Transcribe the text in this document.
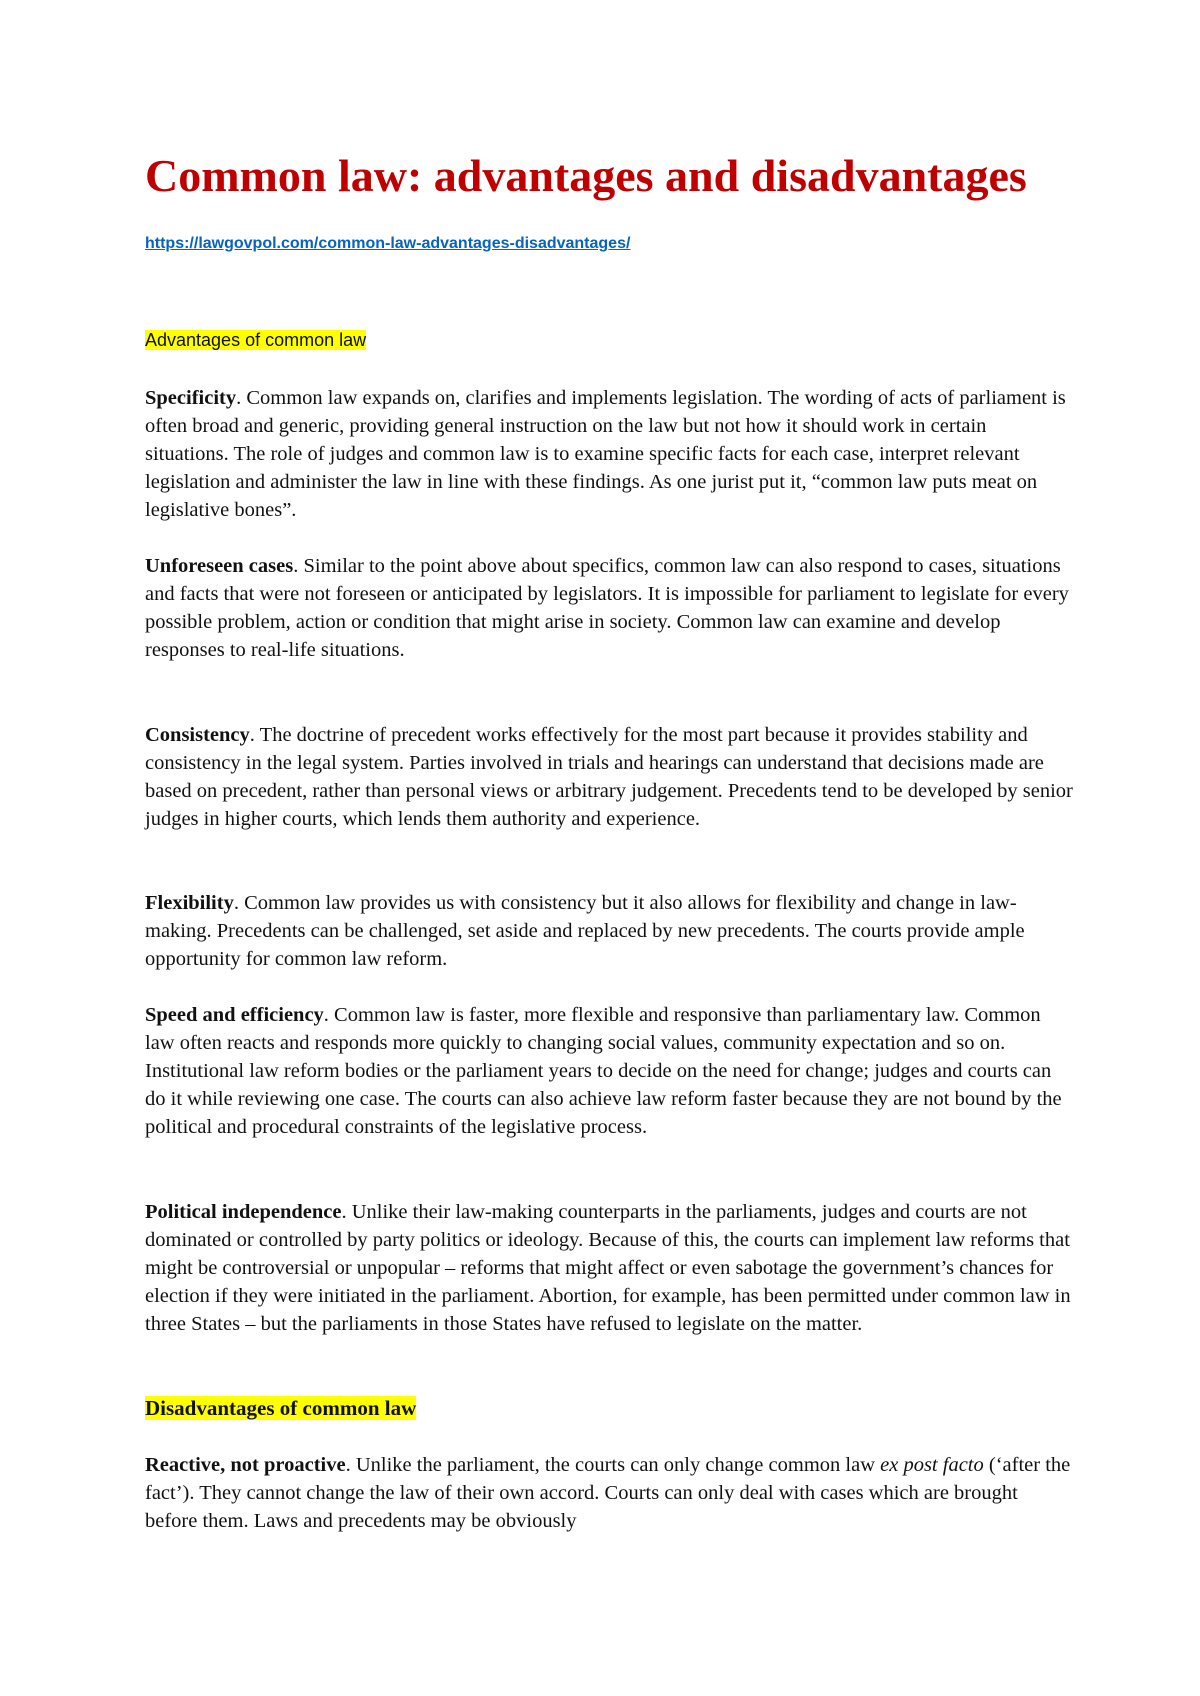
Common law: advantages and disadvantages
https://lawgovpol.com/common-law-advantages-disadvantages/
Advantages of common law

Specificity. Common law expands on, clarifies and implements legislation. The wording of acts of parliament is often broad and generic, providing general instruction on the law but not how it should work in certain situations. The role of judges and common law is to examine specific facts for each case, interpret relevant legislation and administer the law in line with these findings. As one jurist put it, “common law puts meat on legislative bones”.

Unforeseen cases. Similar to the point above about specifics, common law can also respond to cases, situations and facts that were not foreseen or anticipated by legislators. It is impossible for parliament to legislate for every possible problem, action or condition that might arise in society. Common law can examine and develop responses to real-life situations.

Consistency. The doctrine of precedent works effectively for the most part because it provides stability and consistency in the legal system. Parties involved in trials and hearings can understand that decisions made are based on precedent, rather than personal views or arbitrary judgement. Precedents tend to be developed by senior judges in higher courts, which lends them authority and experience.

Flexibility. Common law provides us with consistency but it also allows for flexibility and change in law-making. Precedents can be challenged, set aside and replaced by new precedents. The courts provide ample opportunity for common law reform.

Speed and efficiency. Common law is faster, more flexible and responsive than parliamentary law. Common law often reacts and responds more quickly to changing social values, community expectation and so on. Institutional law reform bodies or the parliament years to decide on the need for change; judges and courts can do it while reviewing one case. The courts can also achieve law reform faster because they are not bound by the political and procedural constraints of the legislative process.

Political independence. Unlike their law-making counterparts in the parliaments, judges and courts are not dominated or controlled by party politics or ideology. Because of this, the courts can implement law reforms that might be controversial or unpopular – reforms that might affect or even sabotage the government’s chances for election if they were initiated in the parliament. Abortion, for example, has been permitted under common law in three States – but the parliaments in those States have refused to legislate on the matter.

Disadvantages of common law

Reactive, not proactive. Unlike the parliament, the courts can only change common law ex post facto (‘after the fact’). They cannot change the law of their own accord. Courts can only deal with cases which are brought before them. Laws and precedents may be obviously
